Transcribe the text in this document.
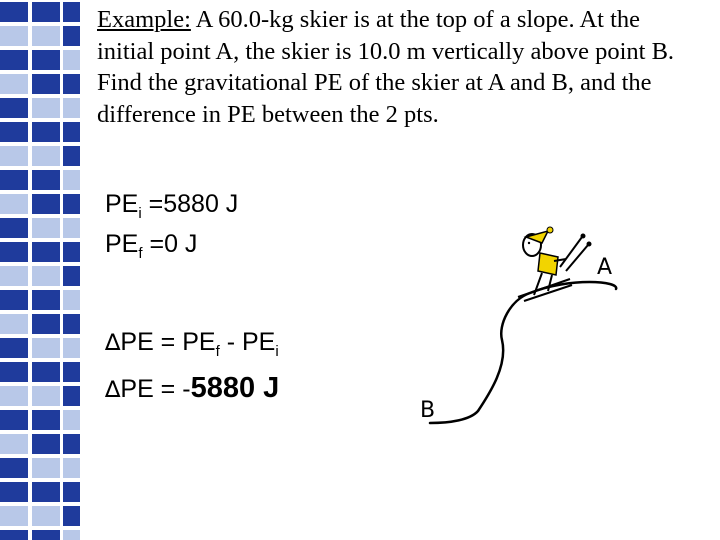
Example: A 60.0-kg skier is at the top of a slope. At the initial point A, the skier is 10.0 m vertically above point B. Find the gravitational PE of the skier at A and B, and the difference in PE between the 2 pts.
$PE_i =5880$ J
$PE_f =0$ J
$\Delta PE = PE_f - PE_i$
∆PE = -5880 J
A
B
